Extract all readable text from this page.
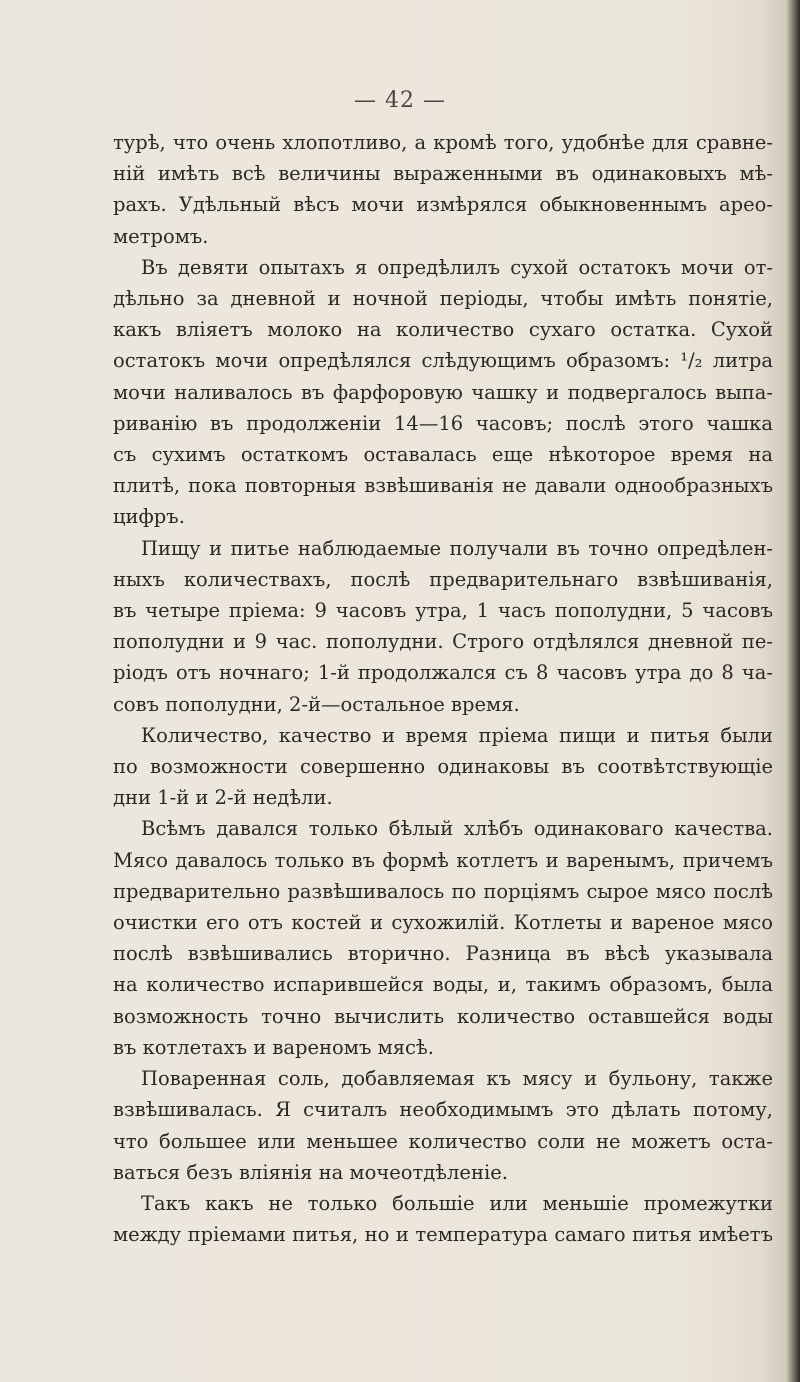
— 42 —
турѣ, что очень хлопотливо, а кромѣ того, удобнѣе для сравне-
нiй имѣть всѣ величины выраженными въ одинаковыхъ мѣ-
рахъ. Удѣльный вѣсъ мочи измѣрялся обыкновеннымъ арео-
метромъ.
Въ девяти опытахъ я опредѣлилъ сухой остатокъ мочи от-
дѣльно за дневной и ночной перiоды, чтобы имѣть понятiе,
какъ влiяетъ молоко на количество сухаго остатка. Сухой
остатокъ мочи опредѣлялся слѣдующимъ образомъ: ¹/₂ литра
мочи наливалось въ фарфоровую чашку и подвергалось выпа-
риванiю въ продолженiи 14—16 часовъ; послѣ этого чашка
съ сухимъ остаткомъ оставалась еще нѣкоторое время на
плитѣ, пока повторныя взвѣшиванiя не давали однообразныхъ
цифръ.
Пищу и питье наблюдаемые получали въ точно опредѣлен-
ныхъ количествахъ, послѣ предварительнаго взвѣшиванiя,
въ четыре прiема: 9 часовъ утра, 1 часъ пополудни, 5 часовъ
пополудни и 9 час. пополудни. Строго отдѣлялся дневной пе-
рiодъ отъ ночнаго; 1-й продолжался съ 8 часовъ утра до 8 ча-
совъ пополудни, 2-й—остальное время.
Количество, качество и время прiема пищи и питья были
по возможности совершенно одинаковы въ соотвѣтствующiе
дни 1-й и 2-й недѣли.
Всѣмъ давался только бѣлый хлѣбъ одинаковаго качества.
Мясо давалось только въ формѣ котлетъ и варенымъ, причемъ
предварительно развѣшивалось по порцiямъ сырое мясо послѣ
очистки его отъ костей и сухожилiй. Котлеты и вареное мясо
послѣ взвѣшивались вторично. Разница въ вѣсѣ указывала
на количество испарившейся воды, и, такимъ образомъ, была
возможность точно вычислить количество оставшейся воды
въ котлетахъ и вареномъ мясѣ.
Поваренная соль, добавляемая къ мясу и бульону, также
взвѣшивалась. Я считалъ необходимымъ это дѣлать потому,
что большее или меньшее количество соли не можетъ оста-
ваться безъ влiянiя на мочеотдѣленiе.
Такъ какъ не только большiе или меньшiе промежутки
между прiемами питья, но и температура самаго питья имѣетъ
